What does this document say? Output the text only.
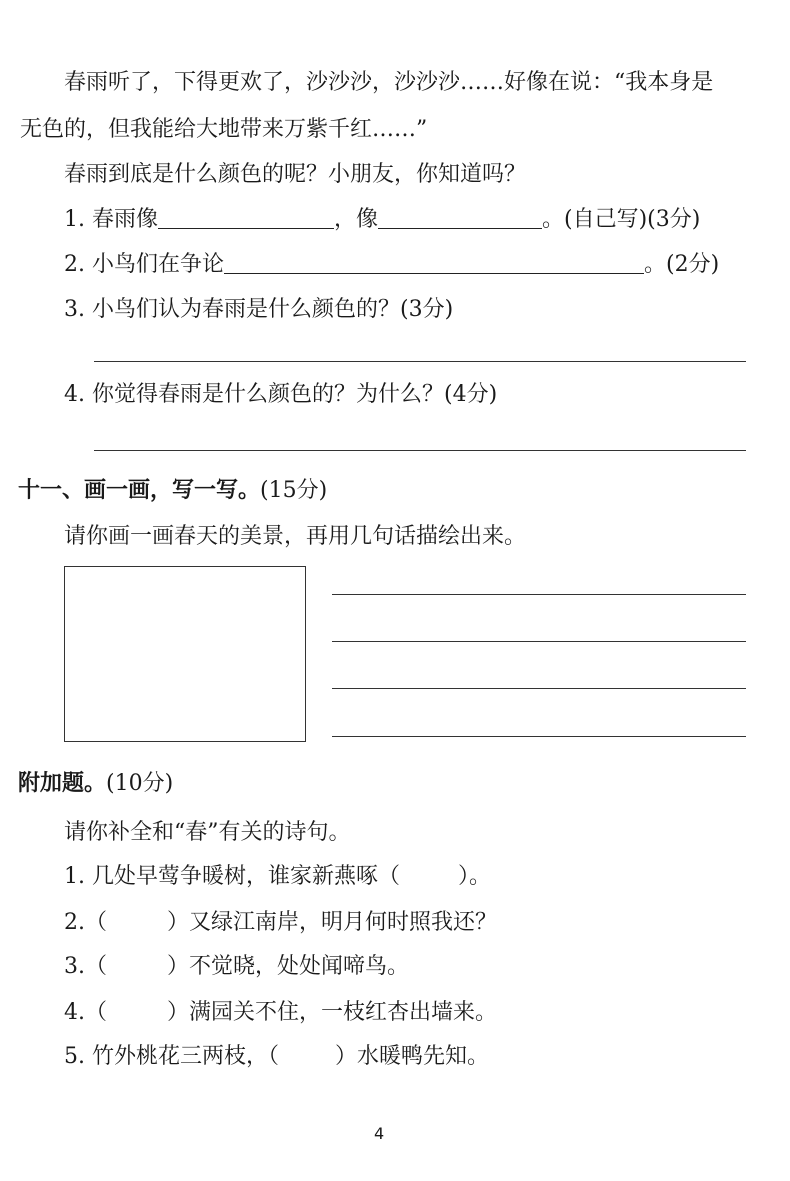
春雨听了，下得更欢了，沙沙沙，沙沙沙……好像在说：“我本身是
无色的，但我能给大地带来万紫千红……”
春雨到底是什么颜色的呢？小朋友，你知道吗？
1. 春雨像	，像	。(自己写)(3分)
2. 小鸟们在争论	。(2分)
3. 小鸟们认为春雨是什么颜色的？(3分)
4. 你觉得春雨是什么颜色的？为什么？(4分)
十一、画一画，写一写。(15分)
请你画一画春天的美景，再用几句话描绘出来。
附加题。(10分)
请你补全和“春”有关的诗句。
1. 几处早莺争暖树，谁家新燕啄（	）。
2.（	）又绿江南岸，明月何时照我还？
3.（	）不觉晓，处处闻啼鸟。
4.（	）满园关不住，一枝红杏出墙来。
5. 竹外桃花三两枝，（	）水暖鸭先知。
4
